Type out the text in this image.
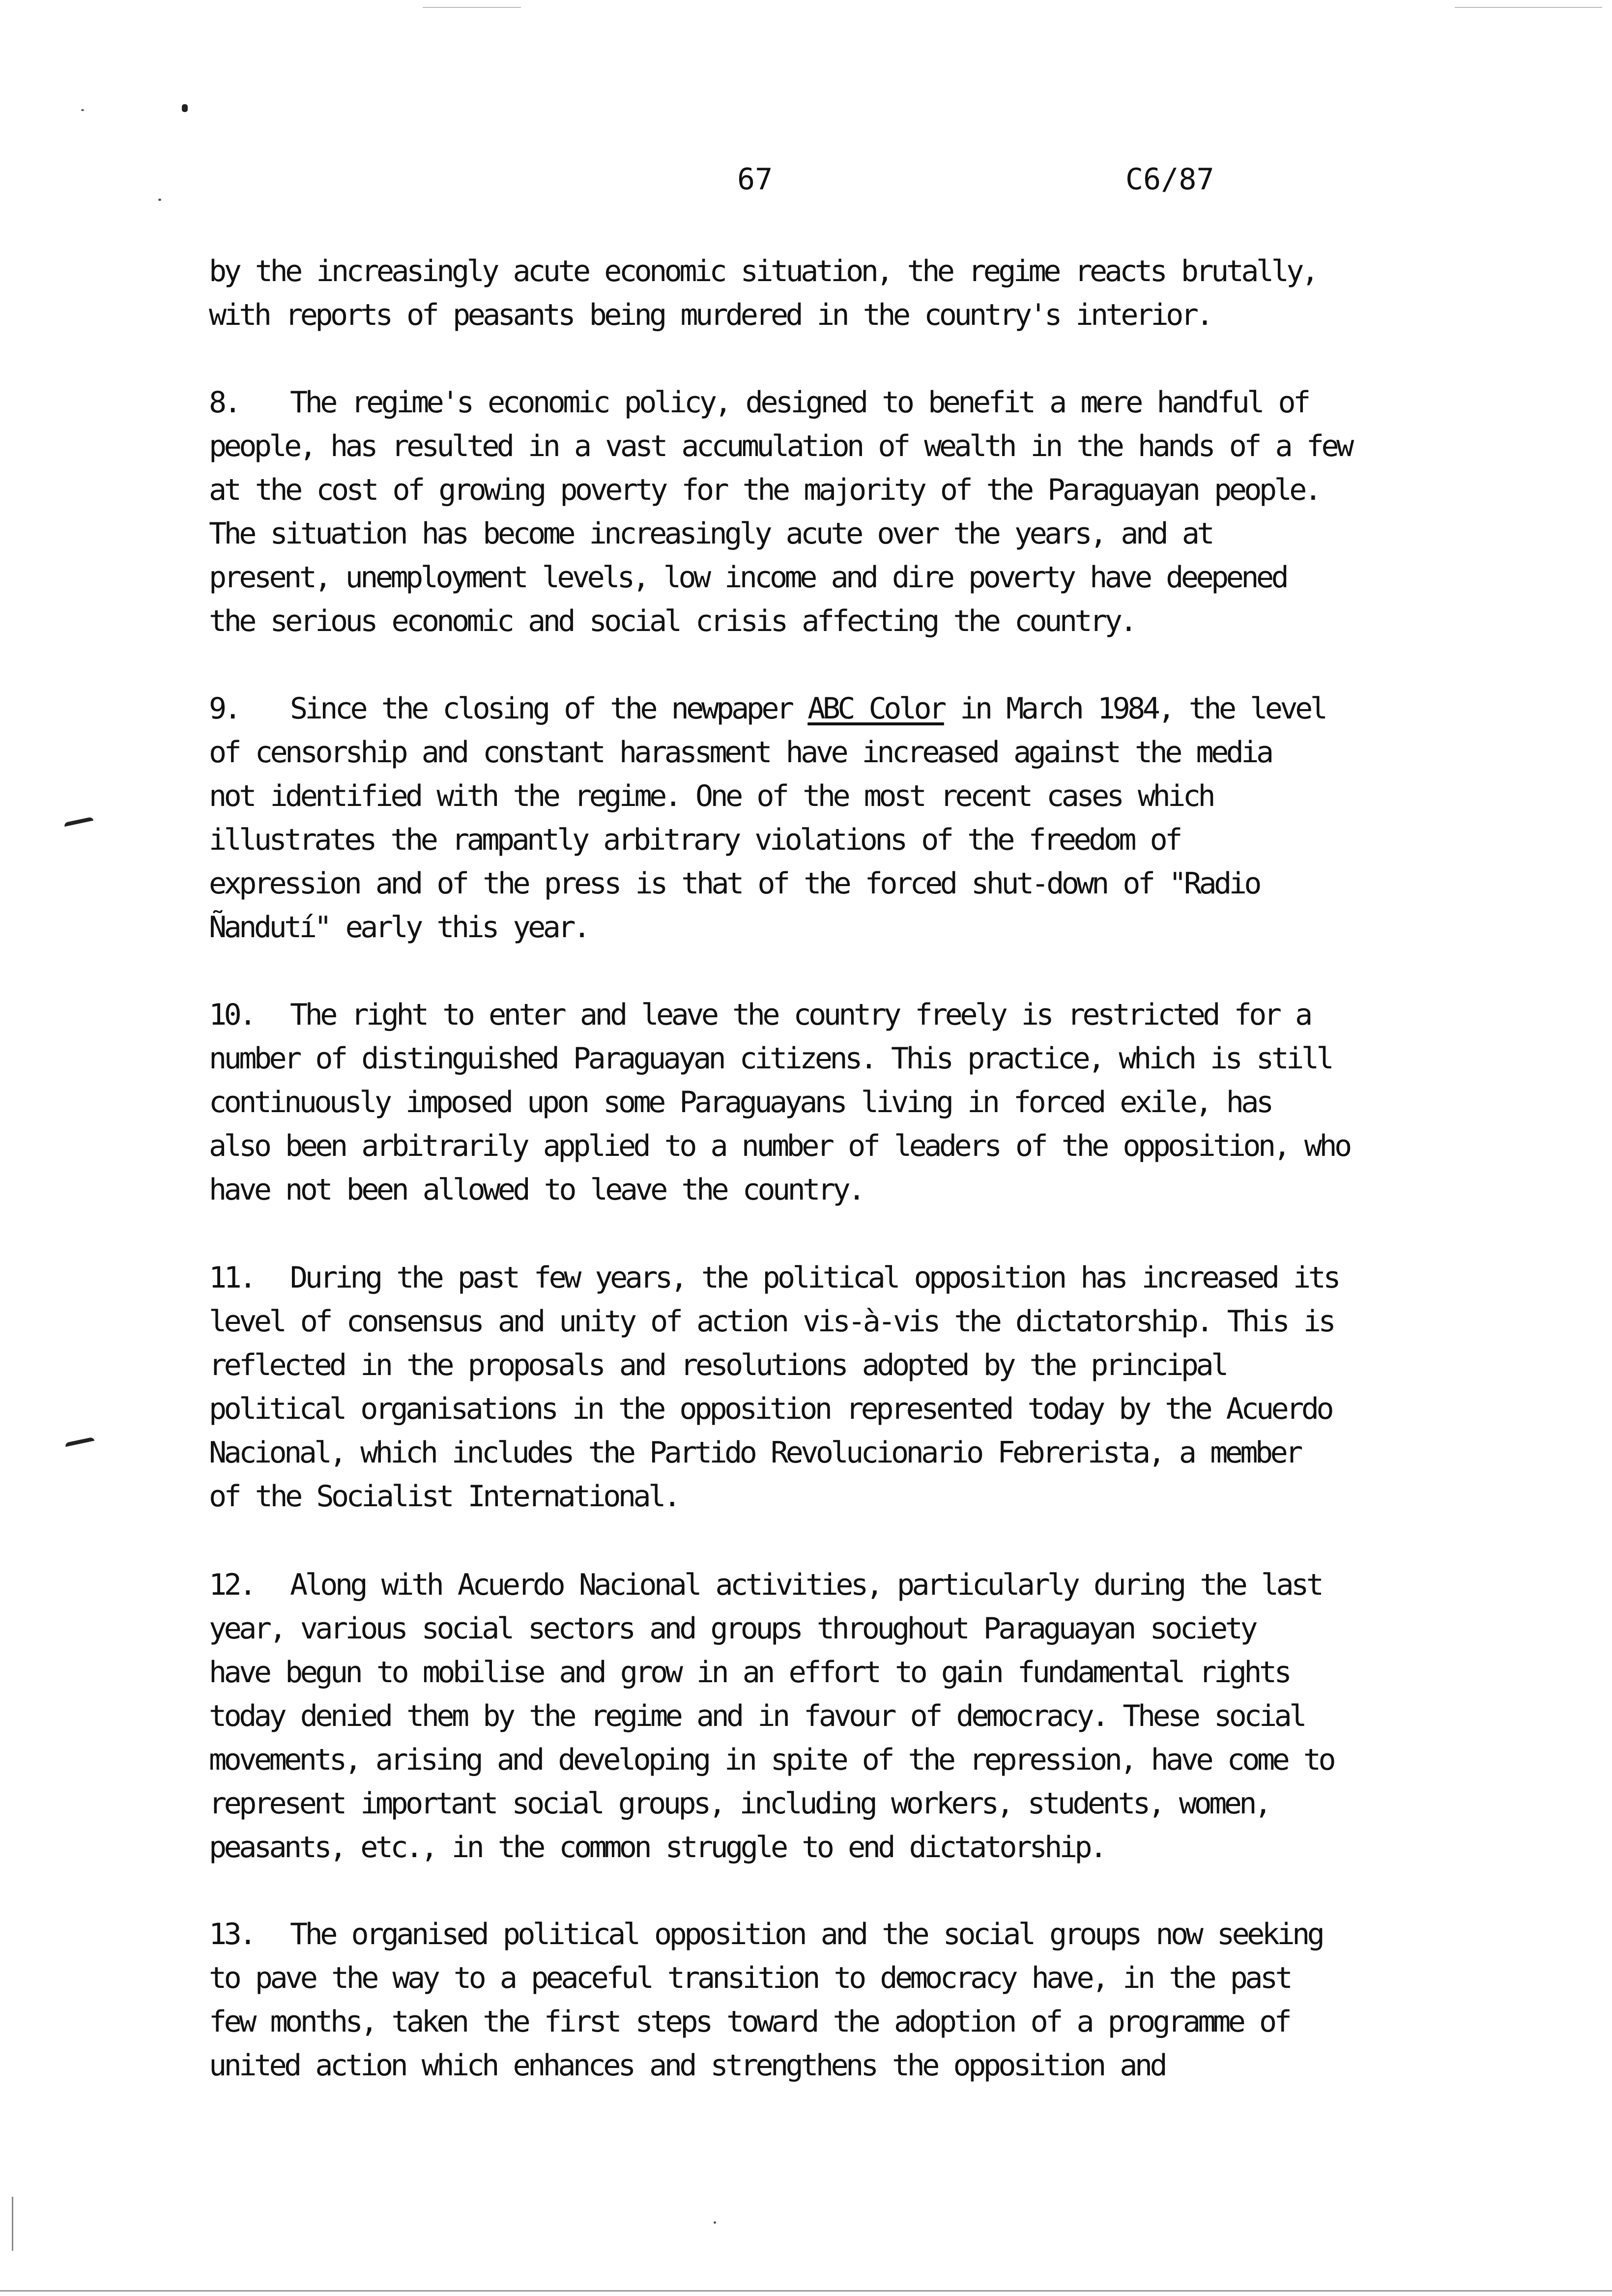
67	C6/87
by the increasingly acute economic situation, the regime reacts brutally,
with reports of peasants being murdered in the country's interior.
8. The regime's economic policy, designed to benefit a mere handful of
people, has resulted in a vast accumulation of wealth in the hands of a few
at the cost of growing poverty for the majority of the Paraguayan people.
The situation has become increasingly acute over the years, and at
present, unemployment levels, low income and dire poverty have deepened
the serious economic and social crisis affecting the country.
9. Since the closing of the newpaper ABC Color in March 1984, the level
of censorship and constant harassment have increased against the media
not identified with the regime. One of the most recent cases which
illustrates the rampantly arbitrary violations of the freedom of
expression and of the press is that of the forced shut-down of "Radio
Ñandutí" early this year.
10. The right to enter and leave the country freely is restricted for a
number of distinguished Paraguayan citizens. This practice, which is still
continuously imposed upon some Paraguayans living in forced exile, has
also been arbitrarily applied to a number of leaders of the opposition, who
have not been allowed to leave the country.
11. During the past few years, the political opposition has increased its
level of consensus and unity of action vis-à-vis the dictatorship. This is
reflected in the proposals and resolutions adopted by the principal
political organisations in the opposition represented today by the Acuerdo
Nacional, which includes the Partido Revolucionario Febrerista, a member
of the Socialist International.
12. Along with Acuerdo Nacional activities, particularly during the last
year, various social sectors and groups throughout Paraguayan society
have begun to mobilise and grow in an effort to gain fundamental rights
today denied them by the regime and in favour of democracy. These social
movements, arising and developing in spite of the repression, have come to
represent important social groups, including workers, students, women,
peasants, etc., in the common struggle to end dictatorship.
13. The organised political opposition and the social groups now seeking
to pave the way to a peaceful transition to democracy have, in the past
few months, taken the first steps toward the adoption of a programme of
united action which enhances and strengthens the opposition and
